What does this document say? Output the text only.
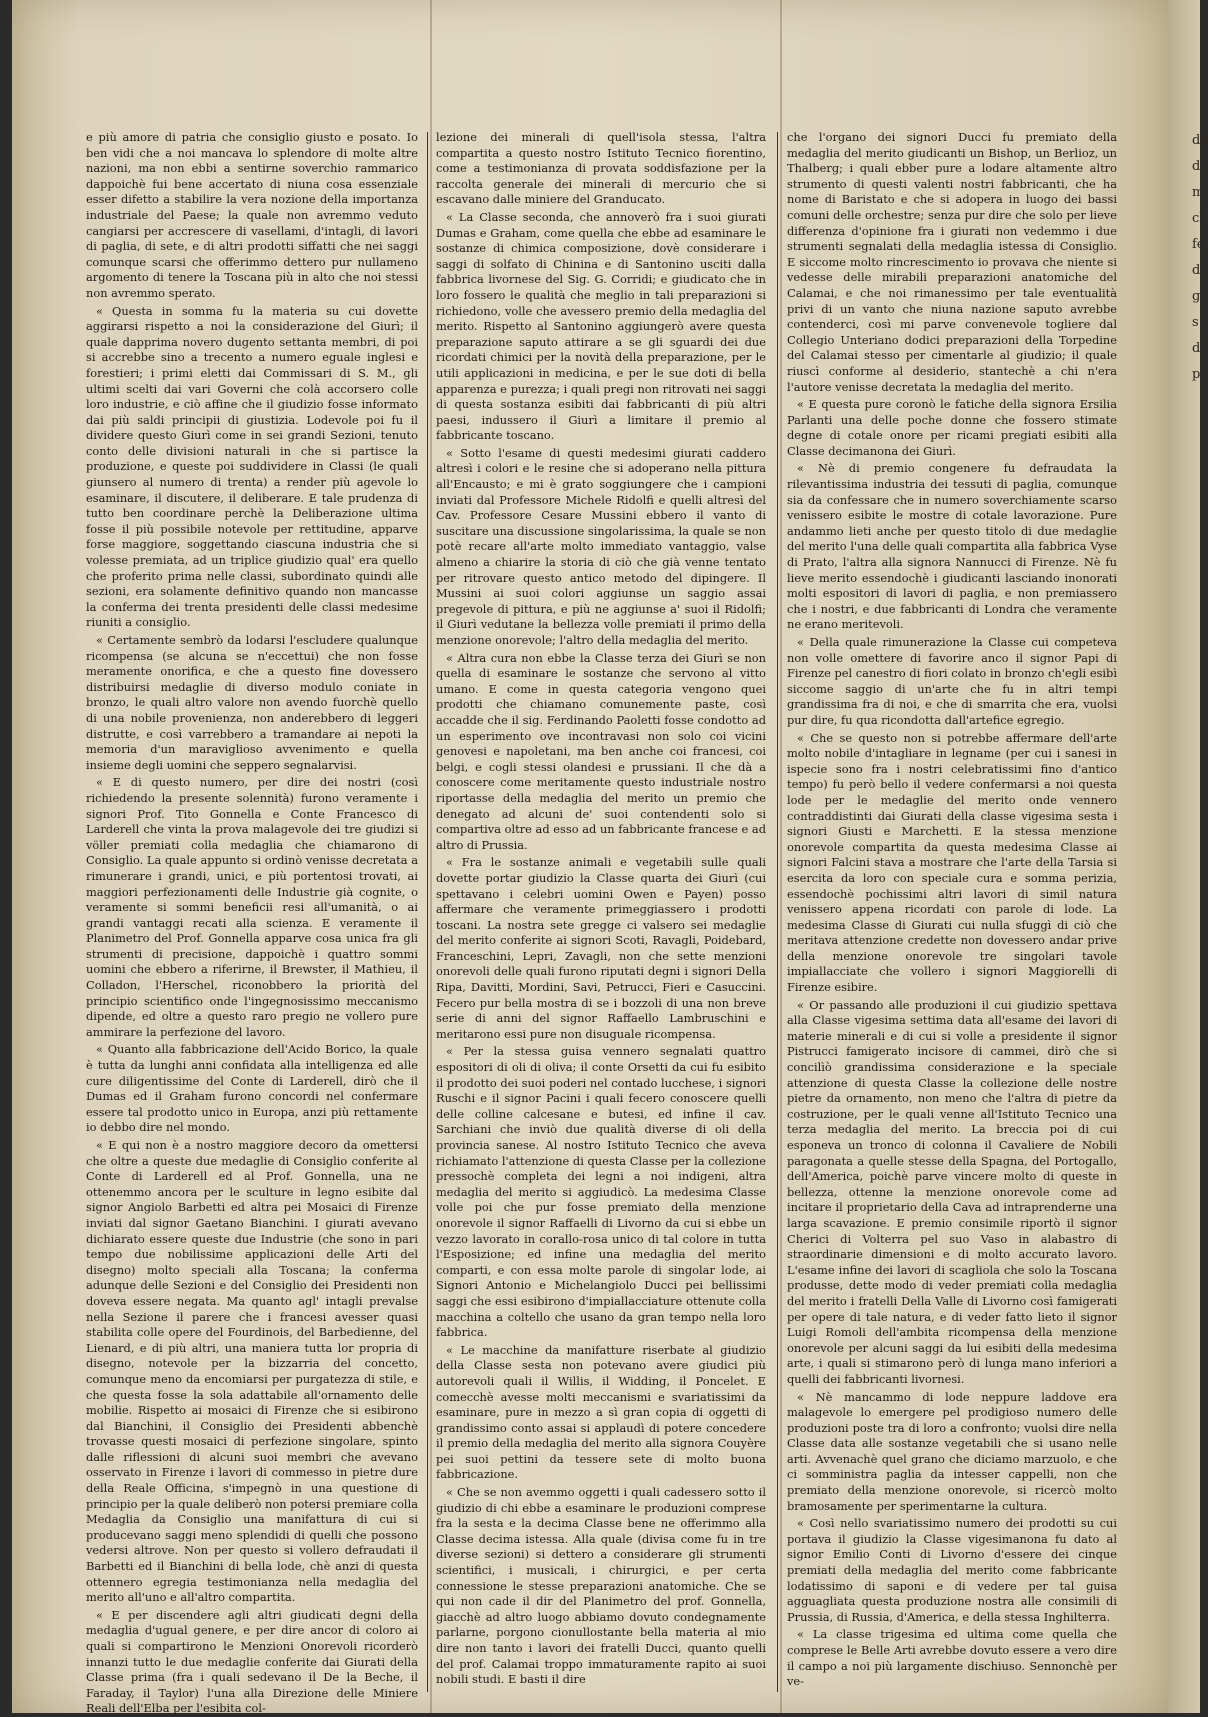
de
d
m
cl
fe
d
g
s
d
p

e più amore di patria che consiglio giusto e posato. Io ben vidi che a noi mancava lo splendore di molte altre nazioni, ma non ebbi a sentirne soverchio rammarico dappoichè fui bene accertato di niuna cosa essenziale esser difetto a stabilire la vera nozione della importanza industriale del Paese; la quale non avremmo veduto cangiarsi per accrescere di vasellami, d'intagli, di lavori di paglia, di sete, e di altri prodotti siffatti che nei saggi comunque scarsi che offerimmo detterо pur nullameno argomento di tenere la Toscana più in alto che noi stessi non avremmo sperato.

« Questa in somma fu la materia su cui dovette aggirarsi rispetto a noi la considerazione del Giurì; il quale dapprima novero dugento settanta membri, di poi si accrebbe sino a trecento a numero eguale inglesi e forestieri; i primi eletti dai Commissari di S. M., gli ultimi scelti dai vari Governi che colà accorsero colle loro industrie, e ciò affine che il giudizio fosse informato dai più saldi principii di giustizia. Lodevole poi fu il dividere questo Giurì come in sei grandi Sezioni, tenuto conto delle divisioni naturali in che si partisce la produzione, e queste poi suddividere in Classi (le quali giunsero al numero di trenta) a render più agevole lo esaminare, il discutere, il deliberare. E tale prudenza di tutto ben coordinare perchè la Deliberazione ultima fosse il più possibile notevole per rettitudine, apparve forse maggiore, soggettando ciascuna industria che si volesse premiata, ad un triplice giudizio qual' era quello che proferito prima nelle classi, subordinato quindi alle sezioni, era solamente definitivo quando non mancasse la conferma dei trenta presidenti delle classi medesime riuniti a consiglio.

« Certamente sembrò da lodarsi l'escludere qualunque ricompensa (se alcuna se n'eccettui) che non fosse meramente onorifica, e che a questo fine dovessero distribuirsi medaglie di diverso modulo coniate in bronzo, le quali altro valore non avendo fuorchè quello di una nobile provenienza, non anderebbero di leggeri distrutte, e così varrebbero a tramandare ai nepoti la memoria d'un maraviglioso avvenimento e quella insieme degli uomini che seppero segnalarvisi.

« E di questo numero, per dire dei nostri (così richiedendo la presente solennità) furono veramente i signori Prof. Tito Gonnella e Conte Francesco di Larderell che vinta la prova malagevole dei tre giudizi si völler premiati colla medaglia che chiamarono di Consiglio. La quale appunto si ordinò venisse decretata a rimunerare i grandi, unici, e più portentosi trovati, ai maggiori perfezionamenti delle Industrie già cognite, o veramente si sommi beneficii resi all'umanità, o ai grandi vantaggi recati alla scienza. E veramente il Planimetro del Prof. Gonnella apparve cosa unica fra gli strumenti di precisione, dappoichè i quattro sommi uomini che ebbero a riferirne, il Brewster, il Mathieu, il Colladon, l'Herschel, riconobbero la priorità del principio scientifico onde l'ingegnosissimo meccanismo dipende, ed oltre a questo raro pregio ne vollero pure ammirare la perfezione del lavoro.

« Quanto alla fabbricazione dell'Acido Borico, la quale è tutta da lunghi anni confidata alla intelligenza ed alle cure diligentissime del Conte di Larderell, dirò che il Dumas ed il Graham furono concordi nel confermare essere tal prodotto unico in Europa, anzi più rettamente io debbo dire nel mondo.

« E qui non è a nostro maggiore decoro da omettersi che oltre a queste due medaglie di Consiglio conferite al Conte di Larderell ed al Prof. Gonnella, una ne ottenemmo ancora per le sculture in legno esibite dal signor Angiolo Barbetti ed altra pei Mosaici di Firenze inviati dal signor Gaetano Bianchini. I giurati avevano dichiarato essere queste due Industrie (che sono in pari tempo due nobilissime applicazioni delle Arti del disegno) molto speciali alla Toscana; la conferma adunque delle Sezioni e del Consiglio dei Presidenti non doveva essere negata. Ma quanto agl' intagli prevalse nella Sezione il parere che i francesi avesser quasi stabilita colle opere del Fourdinois, del Barbedienne, del Lienard, e di più altri, una maniera tutta lor propria di disegno, notevole per la bizzarria del concetto, comunque meno da encomiarsi per purgatezza di stile, e che questa fosse la sola adattabile all'ornamento delle mobilie. Rispetto ai mosaici di Firenze che si esibirono dal Bianchini, il Consiglio dei Presidenti abbenchè trovasse questi mosaici di perfezione singolare, spinto dalle riflessioni di alcuni suoi membri che avevano osservato in Firenze i lavori di commesso in pietre dure della Reale Officina, s'impegnò in una questione di principio per la quale deliberò non potersi premiare colla Medaglia da Consiglio una manifattura di cui si producevano saggi meno splendidi di quelli che possono vedersi altrove. Non per questo si vollero defraudati il Barbetti ed il Bianchini di bella lode, chè anzi di questa ottennero egregia testimonianza nella medaglia del merito all'uno e all'altro compartita.

« E per discendere agli altri giudicati degni della medaglia d'ugual genere, e per dire ancor di coloro ai quali si compartirono le Menzioni Onorevoli ricorderò innanzi tutto le due medaglie conferite dai Giurati della Classe prima (fra i quali sedevano il De la Beche, il Faraday, il Taylor) l'una alla Direzione delle Miniere Reali dell'Elba per l'esibita col-

lezione dei minerali di quell'isola stessa, l'altra compartita a questo nostro Istituto Tecnico fiorentino, come a testimonianza di provata soddisfazione per la raccolta generale dei minerali di mercurio che si escavano dalle miniere del Granducato.

« La Classe seconda, che annoverò fra i suoi giurati Dumas e Graham, come quella che ebbe ad esaminare le sostanze di chimica composizione, dovè considerare i saggi di solfato di Chinina e di Santonino usciti dalla fabbrica livornese del Sig. G. Corridi; e giudicato che in loro fossero le qualità che meglio in tali preparazioni si richiedono, volle che avessero premio della medaglia del merito. Rispetto al Santonino aggiungerò avere questa preparazione saputo attirare a se gli sguardi dei due ricordati chimici per la novità della preparazione, per le utili applicazioni in medicina, e per le sue doti di bella apparenza e purezza; i quali pregi non ritrovati nei saggi di questa sostanza esibiti dai fabbricanti di più altri paesi, indussero il Giurì a limitare il premio al fabbricante toscano.

« Sotto l'esame di questi medesimi giurati caddero altresì i colori e le resine che si adoperano nella pittura all'Encausto; e mi è grato soggiungere che i campioni inviati dal Professore Michele Ridolfi e quelli altresì del Cav. Professore Cesare Mussini ebbero il vanto di suscitare una discussione singolarissima, la quale se non potè recare all'arte molto immediato vantaggio, valse almeno a chiarire la storia di ciò che già venne tentato per ritrovare questo antico metodo del dipingere. Il Mussini ai suoi colori aggiunse un saggio assai pregevole di pittura, e più ne aggiunse a' suoi il Ridolfi; il Giurì vedutane la bellezza volle premiati il primo della menzione onorevole; l'altro della medaglia del merito.

« Altra cura non ebbe la Classe terza dei Giurì se non quella di esaminare le sostanze che servono al vitto umano. E come in questa categoria vengono quei prodotti che chiamano comunemente paste, così accadde che il sig. Ferdinando Paoletti fosse condotto ad un esperimento ove incontravasi non solo coi vicini genovesi e napoletani, ma ben anche coi francesi, coi belgi, e cogli stessi olandesi e prussiani. Il che dà a conoscere come meritamente questo industriale nostro riportasse della medaglia del merito un premio che denegato ad alcuni de' suoi contendenti solo si compartiva oltre ad esso ad un fabbricante francese e ad altro di Prussia.

« Fra le sostanze animali e vegetabili sulle quali dovette portar giudizio la Classe quarta dei Giurì (cui spettavano i celebri uomini Owen e Payen) posso affermare che veramente primeggiassero i prodotti toscani. La nostra sete gregge ci valsero sei medaglie del merito conferite ai signori Scoti, Ravagli, Poidebard, Franceschini, Lepri, Zavagli, non che sette menzioni onorevoli delle quali furono riputati degni i signori Della Ripa, Davitti, Mordini, Savi, Petrucci, Fieri e Casuccini. Fecero pur bella mostra di se i bozzoli di una non breve serie di anni del signor Raffaello Lambruschini e meritarono essi pure non disuguale ricompensa.

« Per la stessa guisa vennero segnalati quattro espositori di oli di oliva; il conte Orsetti da cui fu esibito il prodotto dei suoi poderi nel contado lucchese, i signori Ruschi e il signor Pacini i quali fecero conoscere quelli delle colline calcesane e butesi, ed infine il cav. Sarchiani che inviò due qualità diverse di oli della provincia sanese. Al nostro Istituto Tecnico che aveva richiamato l'attenzione di questa Classe per la collezione pressochè completa dei legni a noi indigeni, altra medaglia del merito si aggiudicò. La medesima Classe volle poi che pur fosse premiato della menzione onorevole il signor Raffaelli di Livorno da cui si ebbe un vezzo lavorato in corallo-rosa unico di tal colore in tutta l'Esposizione; ed infine una medaglia del merito comparti, e con essa molte parole di singolar lode, ai Signori Antonio e Michelangiolo Ducci pei bellissimi saggi che essi esibirono d'impiallacciature ottenute colla macchina a coltello che usano da gran tempo nella loro fabbrica.

« Le macchine da manifatture riserbate al giudizio della Classe sesta non potevano avere giudici più autorevoli quali il Willis, il Widding, il Poncelet. E comecchè avesse molti meccanismi e svariatissimi da esaminare, pure in mezzo a sì gran copia di oggetti di grandissimo conto assai si applaudì di potere concedere il premio della medaglia del merito alla signora Couyère pei suoi pettini da tessere sete di molto buona fabbricazione.

« Che se non avemmo oggetti i quali cadessero sotto il giudizio di chi ebbe a esaminare le produzioni comprese fra la sesta e la decima Classe bene ne offerimmo alla Classe decima istessa. Alla quale (divisa come fu in tre diverse sezioni) si dettero a considerare gli strumenti scientifici, i musicali, i chirurgici, e per certa connessione le stesse preparazioni anatomiche. Che se qui non cade il dir del Planimetro del prof. Gonnella, giacchè ad altro luogo abbiamo dovuto condegnamente parlarne, porgono cionullostante bella materia al mio dire non tanto i lavori dei fratelli Ducci, quanto quelli del prof. Calamai troppo immaturamente rapito ai suoi nobili studi. E basti il dire

che l'organo dei signori Ducci fu premiato della medaglia del merito giudicanti un Bishop, un Berlioz, un Thalberg; i quali ebber pure a lodare altamente altro strumento di questi valenti nostri fabbricanti, che ha nome di Baristato e che si adopera in luogo dei bassi comuni delle orchestre; senza pur dire che solo per lieve differenza d'opinione fra i giurati non vedemmo i due strumenti segnalati della medaglia istessa di Consiglio. E siccome molto rincrescimento io provava che niente si vedesse delle mirabili preparazioni anatomiche del Calamai, e che noi rimanessimo per tale eventualità privi di un vanto che niuna nazione saputo avrebbe contenderci, così mi parve convenevole togliere dal Collegio Unteriano dodici preparazioni della Torpedine del Calamai stesso per cimentarle al giudizio; il quale riuscì conforme al desiderio, stantechè a chi n'era l'autore venisse decretata la medaglia del merito.

« E questa pure coronò le fatiche della signora Ersilia Parlanti una delle poche donne che fossero stimate degne di cotale onore per ricami pregiati esibiti alla Classe decimanona dei Giurì.

« Nè di premio congenere fu defraudata la rilevantissima industria dei tessuti di paglia, comunque sia da confessare che in numero soverchiamente scarso venissero esibite le mostre di cotale lavorazione. Pure andammo lieti anche per questo titolo di due medaglie del merito l'una delle quali compartita alla fabbrica Vyse di Prato, l'altra alla signora Nannucci di Firenze. Nè fu lieve merito essendochè i giudicanti lasciando inonorati molti espositori di lavori di paglia, e non premiassero che i nostri, e due fabbricanti di Londra che veramente ne erano meritevoli.

« Della quale rimunerazione la Classe cui competeva non volle omettere di favorire anco il signor Papi di Firenze pel canestro di fiori colato in bronzo ch'egli esibì siccome saggio di un'arte che fu in altri tempi grandissima fra di noi, e che di smarrita che era, vuolsi pur dire, fu qua ricondotta dall'artefice egregio.

« Che se questo non si potrebbe affermare dell'arte molto nobile d'intagliare in legname (per cui i sanesi in ispecie sono fra i nostri celebratissimi fino d'antico tempo) fu però bello il vedere confermarsi a noi questa lode per le medaglie del merito onde vennero contraddistinti dai Giurati della classe vigesima sesta i signori Giusti e Marchetti. E la stessa menzione onorevole compartita da questa medesima Classe ai signori Falcini stava a mostrare che l'arte della Tarsia si esercita da loro con speciale cura e somma perizia, essendochè pochissimi altri lavori di simil natura venissero appena ricordati con parole di lode. La medesima Classe di Giurati cui nulla sfuggì di ciò che meritava attenzione credette non dovessero andar prive della menzione onorevole tre singolari tavole impiallacciate che vollero i signori Maggiorelli di Firenze esibire.

« Or passando alle produzioni il cui giudizio spettava alla Classe vigesima settima data all'esame dei lavori di materie minerali e di cui si volle a presidente il signor Pistrucci famigerato incisore di cammei, dirò che si concilìò grandissima considerazione e la speciale attenzione di questa Classe la collezione delle nostre pietre da ornamento, non meno che l'altra di pietre da costruzione, per le quali venne all'Istituto Tecnico una terza medaglia del merito. La breccia poi di cui esponeva un tronco di colonna il Cavaliere de Nobili paragonata a quelle stesse della Spagna, del Portogallo, dell'America, poichè parve vincere molto di queste in bellezza, ottenne la menzione onorevole come ad incitare il proprietario della Cava ad intraprenderne una larga scavazione. E premio consimile riportò il signor Cherici di Volterra pel suo Vaso in alabastro di straordinarie dimensioni e di molto accurato lavoro. L'esame infine dei lavori di scagliola che solo la Toscana produsse, dette modo di veder premiati colla medaglia del merito i fratelli Della Valle di Livorno così famigerati per opere di tale natura, e di veder fatto lieto il signor Luigi Romoli dell'ambita ricompensa della menzione onorevole per alcuni saggi da lui esibiti della medesima arte, i quali si stimarono però di lunga mano inferiori a quelli dei fabbricanti livornesi.

« Nè mancammo di lode neppure laddove era malagevole lo emergere pel prodigioso numero delle produzioni poste tra di loro a confronto; vuolsi dire nella Classe data alle sostanze vegetabili che si usano nelle arti. Avvenachè quel grano che diciamo marzuolo, e che ci somministra paglia da intesser cappelli, non che premiato della menzione onorevole, si ricercò molto bramosamente per sperimentarne la cultura.

« Così nello svariatissimo numero dei prodotti su cui portava il giudizio la Classe vigesimanona fu dato al signor Emilio Conti di Livorno d'essere dei cinque premiati della medaglia del merito come fabbricante lodatissimo di saponi e di vedere per tal guisa agguagliata questa produzione nostra alle consimili di Prussia, di Russia, d'America, e della stessa Inghilterra.

« La classe trigesima ed ultima come quella che comprese le Belle Arti avrebbe dovuto essere a vero dire il campo a noi più largamente dischiuso. Sennonchè per ve-
